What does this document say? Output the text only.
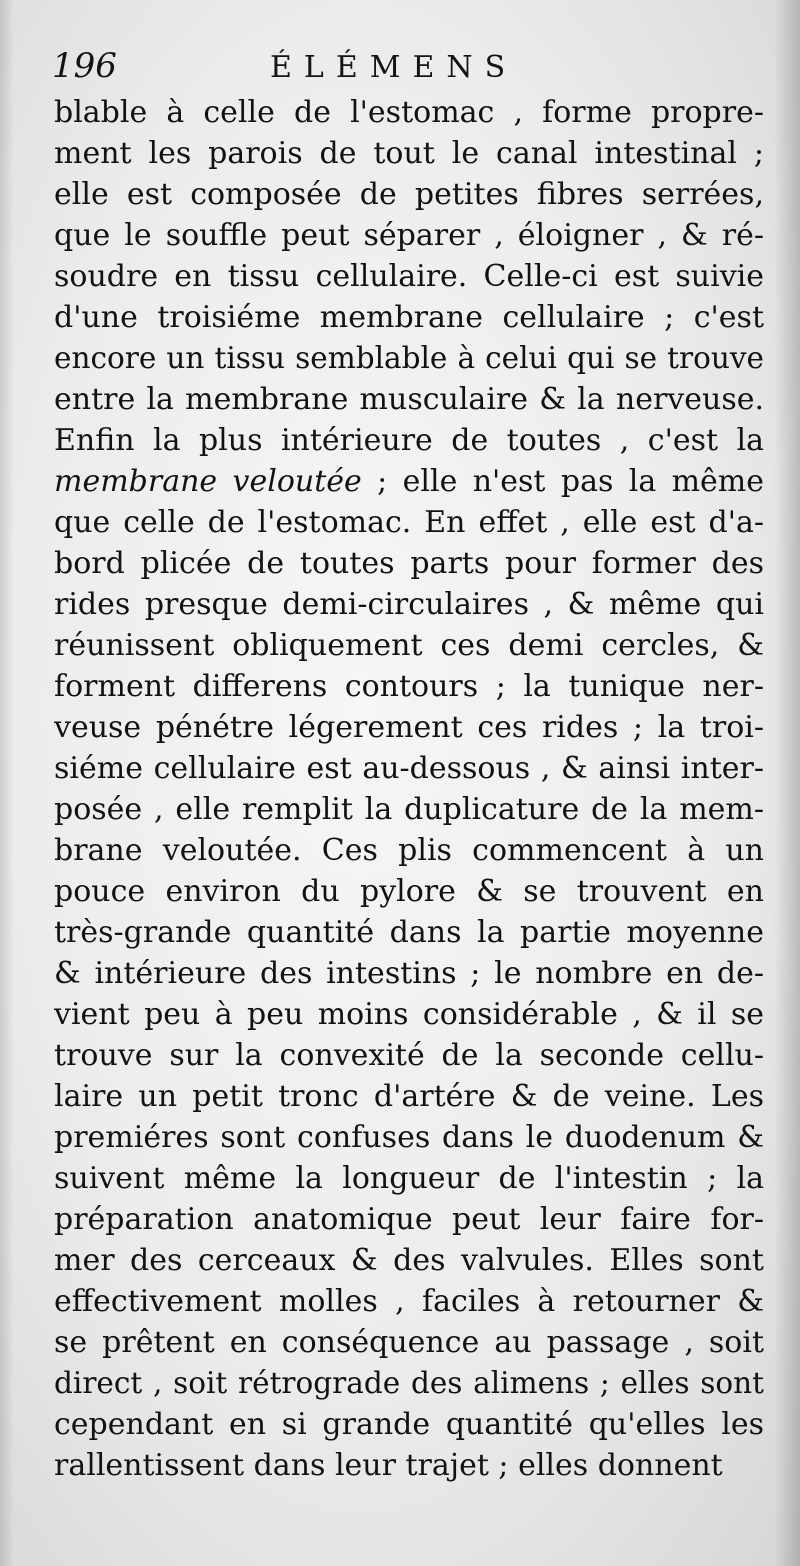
196	ÉLÉMENS
blable à celle de l'estomac , forme propre-
ment les parois de tout le canal intestinal ;
elle est composée de petites fibres serrées,
que le souffle peut séparer , éloigner , & ré-
soudre en tissu cellulaire. Celle-ci est suivie
d'une troisiéme membrane cellulaire ; c'est
encore un tissu semblable à celui qui se trouve
entre la membrane musculaire & la nerveuse.
Enfin la plus intérieure de toutes , c'est la
membrane veloutée ; elle n'est pas la même
que celle de l'estomac. En effet , elle est d'a-
bord plicée de toutes parts pour former des
rides presque demi-circulaires , & même qui
réunissent obliquement ces demi cercles, &
forment differens contours ; la tunique ner-
veuse pénétre légerement ces rides ; la troi-
siéme cellulaire est au-dessous , & ainsi inter-
posée , elle remplit la duplicature de la mem-
brane veloutée. Ces plis commencent à un
pouce environ du pylore & se trouvent en
très-grande quantité dans la partie moyenne
& intérieure des intestins ; le nombre en de-
vient peu à peu moins considérable , & il se
trouve sur la convexité de la seconde cellu-
laire un petit tronc d'artére & de veine. Les
premiéres sont confuses dans le duodenum &
suivent même la longueur de l'intestin ; la
préparation anatomique peut leur faire for-
mer des cerceaux & des valvules. Elles sont
effectivement molles , faciles à retourner &
se prêtent en conséquence au passage , soit
direct , soit rétrograde des alimens ; elles sont
cependant en si grande quantité qu'elles les
rallentissent dans leur trajet ; elles donnent
